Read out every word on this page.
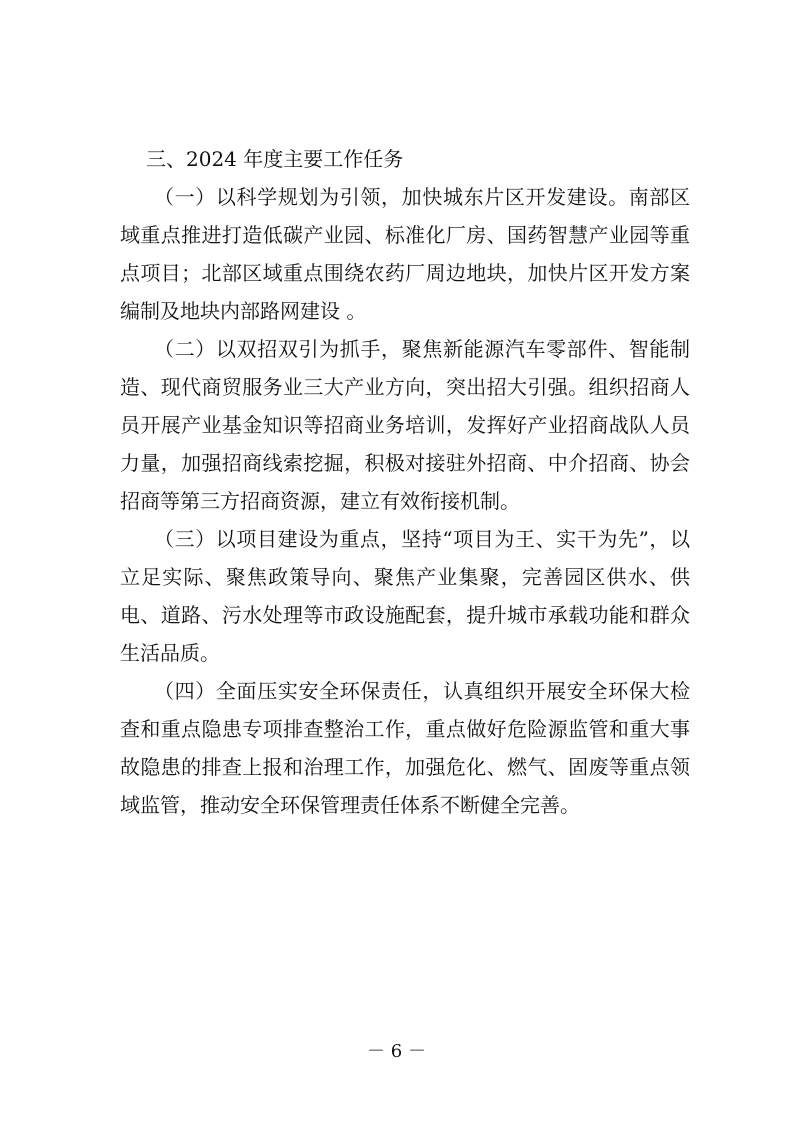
三、2024 年度主要工作任务

（一）以科学规划为引领，加快城东片区开发建设。南部区域重点推进打造低碳产业园、标准化厂房、国药智慧产业园等重点项目；北部区域重点围绕农药厂周边地块，加快片区开发方案编制及地块内部路网建设 。

（二）以双招双引为抓手，聚焦新能源汽车零部件、智能制造、现代商贸服务业三大产业方向，突出招大引强。组织招商人员开展产业基金知识等招商业务培训，发挥好产业招商战队人员力量，加强招商线索挖掘，积极对接驻外招商、中介招商、协会招商等第三方招商资源，建立有效衔接机制。

（三）以项目建设为重点，坚持“项目为王、实干为先”，以立足实际、聚焦政策导向、聚焦产业集聚，完善园区供水、供电、道路、污水处理等市政设施配套，提升城市承载功能和群众生活品质。

（四）全面压实安全环保责任，认真组织开展安全环保大检查和重点隐患专项排查整治工作，重点做好危险源监管和重大事故隐患的排查上报和治理工作，加强危化、燃气、固废等重点领域监管，推动安全环保管理责任体系不断健全完善。

－ 6 －
